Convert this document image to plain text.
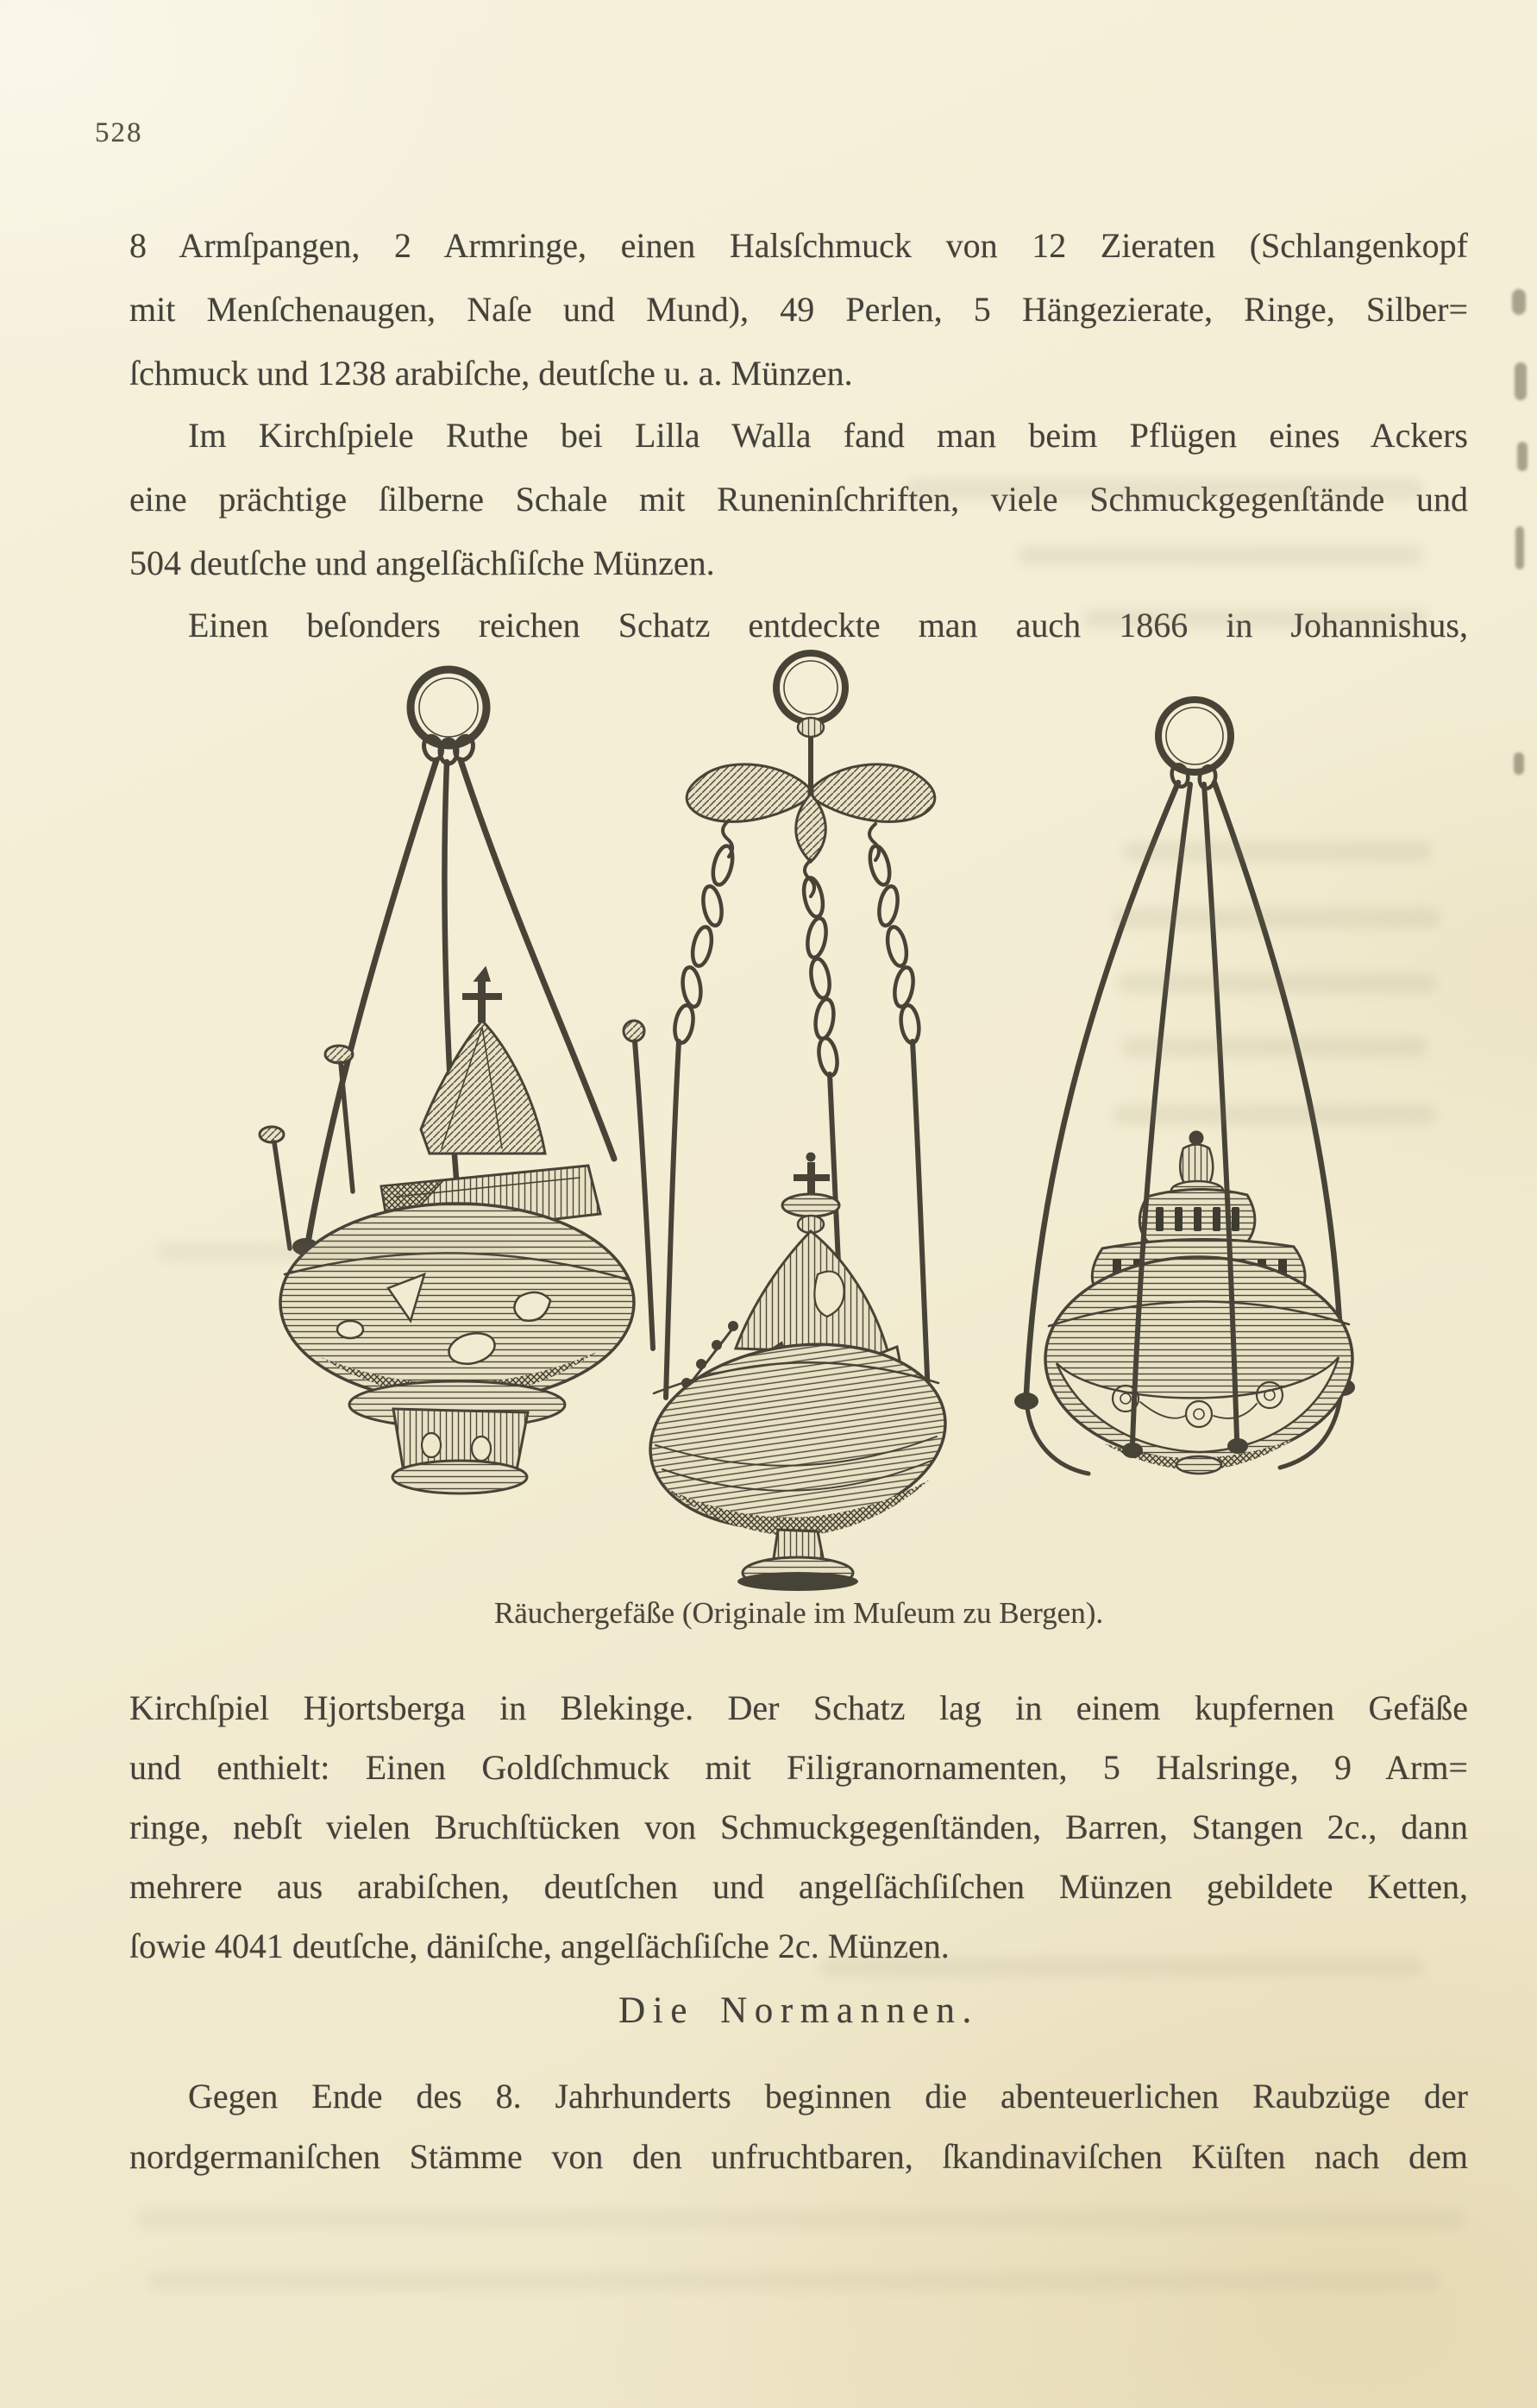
528
8 Armſpangen, 2 Armringe, einen Halsſchmuck von 12 Zieraten (Schlangenkopf
mit Menſchenaugen, Naſe und Mund), 49 Perlen, 5 Hängezierate, Ringe, Silber=
ſchmuck und 1238 arabiſche, deutſche u. a. Münzen.
Im Kirchſpiele Ruthe bei Lilla Walla fand man beim Pflügen eines Ackers
eine prächtige ſilberne Schale mit Runeninſchriften, viele Schmuckgegenſtände und
504 deutſche und angelſächſiſche Münzen.
Einen beſonders reichen Schatz entdeckte man auch 1866 in Johannishus,
Räuchergefäße (Originale im Muſeum zu Bergen).
Kirchſpiel Hjortsberga in Blekinge. Der Schatz lag in einem kupfernen Gefäße
und enthielt: Einen Goldſchmuck mit Filigranornamenten, 5 Halsringe, 9 Arm=
ringe, nebſt vielen Bruchſtücken von Schmuckgegenſtänden, Barren, Stangen 2c., dann
mehrere aus arabiſchen, deutſchen und angelſächſiſchen Münzen gebildete Ketten,
ſowie 4041 deutſche, däniſche, angelſächſiſche 2c. Münzen.
Die Normannen.
Gegen Ende des 8. Jahrhunderts beginnen die abenteuerlichen Raubzüge der
nordgermaniſchen Stämme von den unfruchtbaren, ſkandinaviſchen Küſten nach dem
